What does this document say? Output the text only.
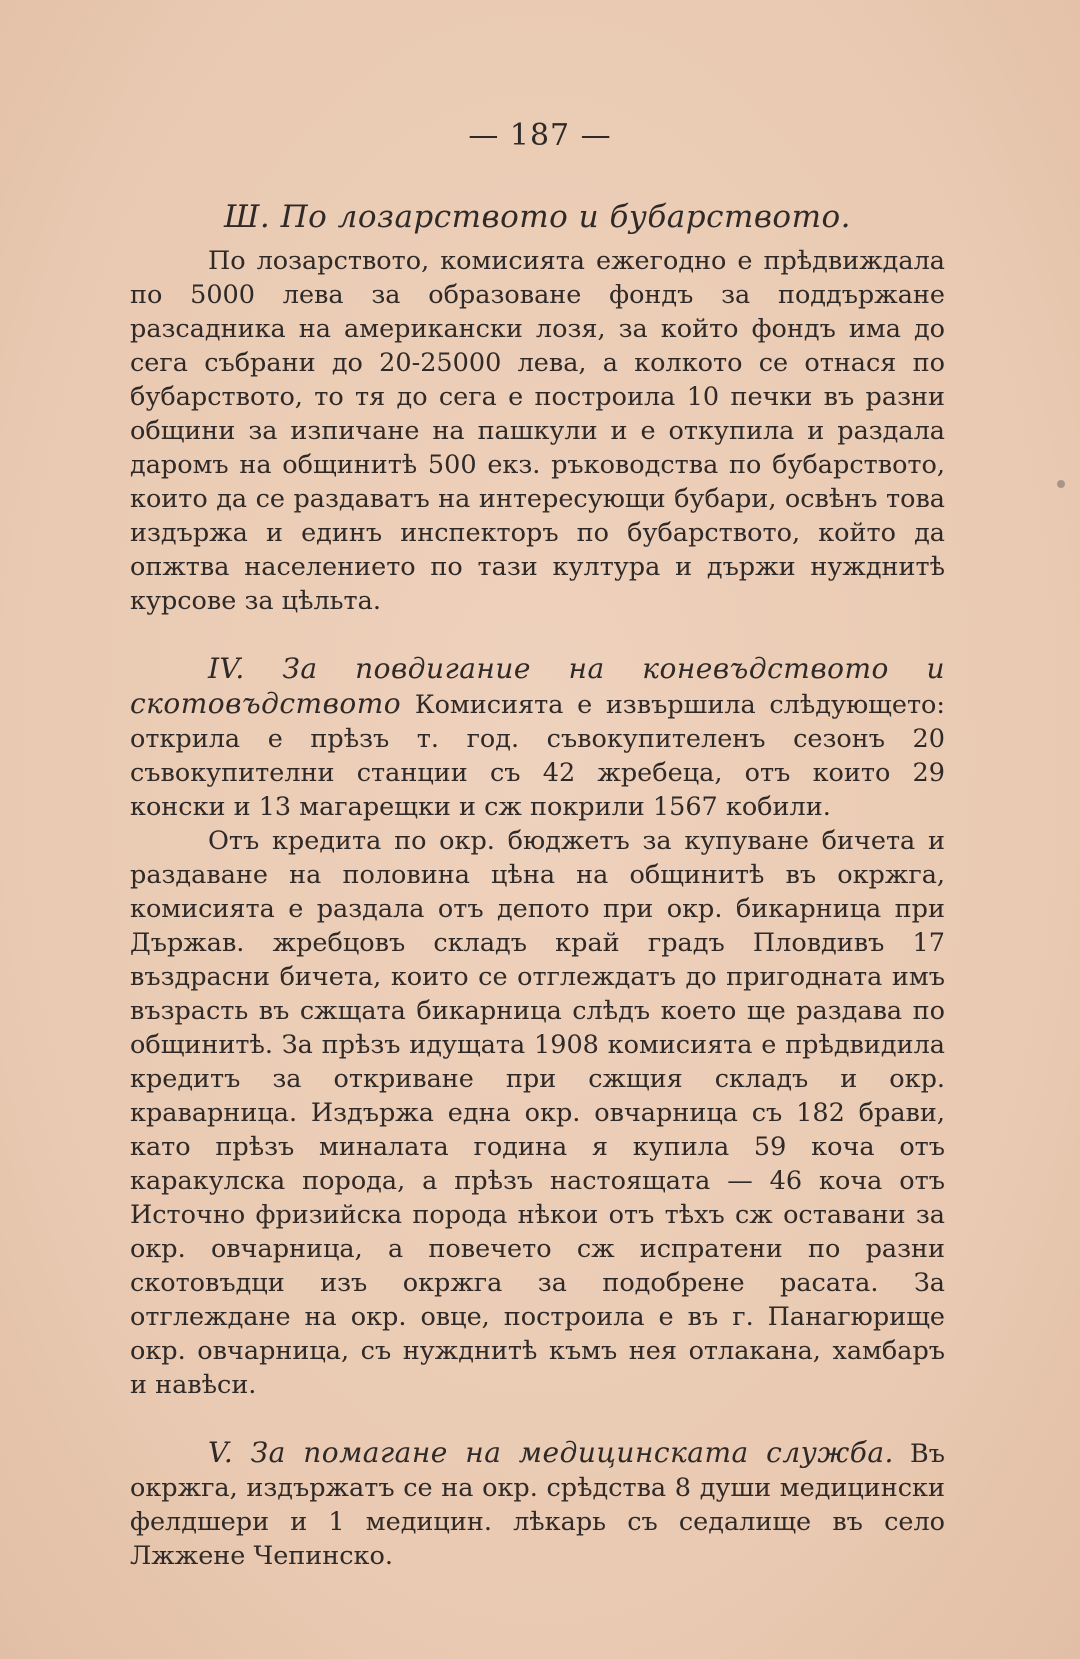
— 187 —
Ш. По лозарството и бубарството.

По лозарството, комисията ежегодно е прѣдвиждала по 5000 лева за образоване фондъ за поддържане разсадника на американски лозя, за който фондъ има до сега събрани до 20-25000 лева, а колкото се отнася по бубарството, то тя до сега е построила 10 печки въ разни общини за изпичане на пашкули и е откупила и раздала даромъ на общинитѣ 500 екз. ръководства по бубарството, които да се раздаватъ на интересующи бубари, освѣнъ това издържа и единъ инспекторъ по бубарството, който да опжтва населението по тази култура и държи нужднитѣ курсове за цѣльта.

IV. За повдигание на коневъдството и скотовъдството Комисията е извършила слѣдующето: открила е прѣзъ т. год. съвокупителенъ сезонъ 20 съвокупителни станции съ 42 жребеца, отъ които 29 конски и 13 магарещки и сж покрили 1567 кобили.

Отъ кредита по окр. бюджетъ за купуване бичета и раздаване на половина цѣна на общинитѣ въ окржга, комисията е раздала отъ депото при окр. бикарница при Държав. жребцовъ складъ край градъ Пловдивъ 17 въздрасни бичета, които се отглеждатъ до пригодната имъ възрасть въ сжщата бикарница слѣдъ което ще раздава по общинитѣ. За прѣзъ идущата 1908 комисията е прѣдвидила кредитъ за откриване при сжщия складъ и окр. краварница. Издържа една окр. овчарница съ 182 брави, като прѣзъ миналата година я купила 59 коча отъ каракулска порода, а прѣзъ настоящата — 46 коча отъ Источно фризийска порода нѣкои отъ тѣхъ сж оставани за окр. овчарница, а повечето сж испратени по разни скотовъдци изъ окржга за подобрене расата. За отглеждане на окр. овце, построила е въ г. Панагюрище окр. овчарница, съ нужднитѣ къмъ нея отлакана, хамбаръ и навѣси.

V. За помагане на медицинската служба. Въ окржга, издържатъ се на окр. срѣдства 8 души медицински фелдшери и 1 медицин. лѣкарь съ седалище въ село Лжжене Чепинско.
